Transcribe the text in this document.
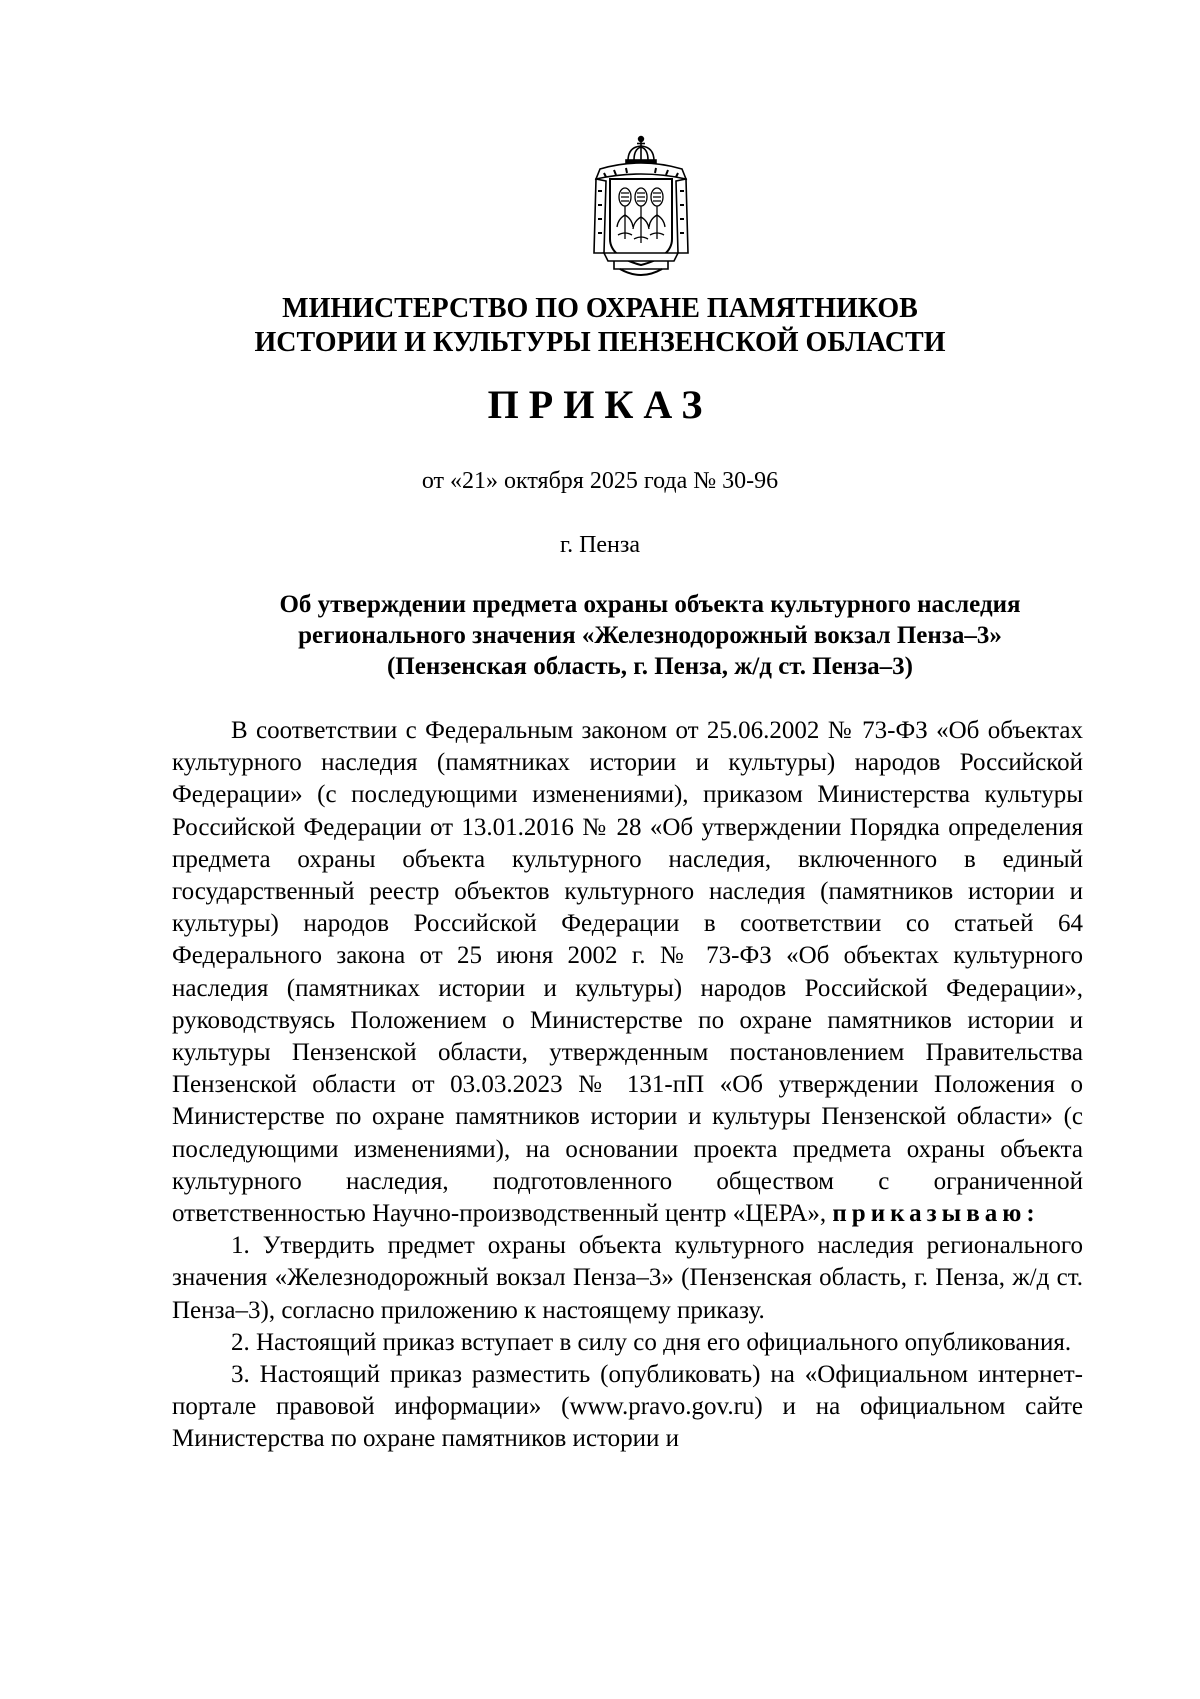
МИНИСТЕРСТВО ПО ОХРАНЕ ПАМЯТНИКОВ
ИСТОРИИ И КУЛЬТУРЫ ПЕНЗЕНСКОЙ ОБЛАСТИ
ПРИКАЗ
от «21» октября 2025 года № 30-96
г. Пенза
Об утверждении предмета охраны объекта культурного наследия
регионального значения «Железнодорожный вокзал Пенза–3»
(Пензенская область, г. Пенза, ж/д ст. Пенза–3)

В соответствии с Федеральным законом от 25.06.2002 № 73-ФЗ «Об объектах культурного наследия (памятниках истории и культуры) народов Российской Федерации» (с последующими изменениями), приказом Министерства культуры Российской Федерации от 13.01.2016 № 28 «Об утверждении Порядка определения предмета охраны объекта культурного наследия, включенного в единый государственный реестр объектов культурного наследия (памятников истории и культуры) народов Российской Федерации в соответствии со статьей 64 Федерального закона от 25 июня 2002 г. № 73-ФЗ «Об объектах культурного наследия (памятниках истории и культуры) народов Российской Федерации», руководствуясь Положением о Министерстве по охране памятников истории и культуры Пензенской области, утвержденным постановлением Правительства Пензенской области от 03.03.2023 № 131-пП «Об утверждении Положения о Министерстве по охране памятников истории и культуры Пензенской области» (с последующими изменениями), на основании проекта предмета охраны объекта культурного наследия, подготовленного обществом с ограниченной ответственностью Научно-производственный центр «ЦЕРА», приказываю:

1. Утвердить предмет охраны объекта культурного наследия регионального значения «Железнодорожный вокзал Пенза–3» (Пензенская область, г. Пенза, ж/д ст. Пенза–3), согласно приложению к настоящему приказу.

2. Настоящий приказ вступает в силу со дня его официального опубликования.

3. Настоящий приказ разместить (опубликовать) на «Официальном интернет-портале правовой информации» (www.pravo.gov.ru) и на официальном сайте Министерства по охране памятников истории и
